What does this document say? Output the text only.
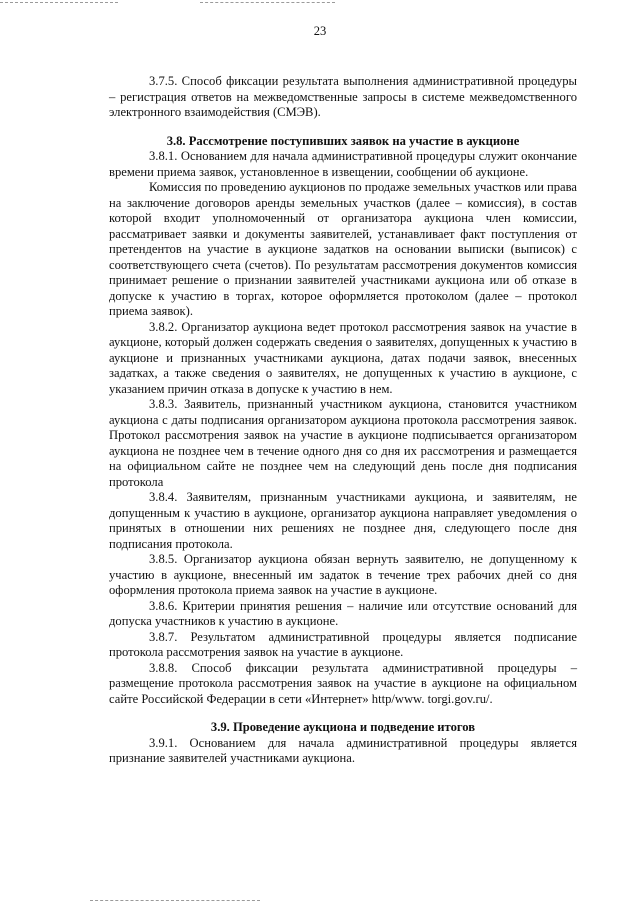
23

3.7.5. Способ фиксации результата выполнения административной процедуры – регистрация ответов на межведомственные запросы в системе межведомственного электронного взаимодействия (СМЭВ).

3.8. Рассмотрение поступивших заявок на участие в аукционе

3.8.1. Основанием для начала административной процедуры служит окончание времени приема заявок, установленное в извещении, сообщении об аукционе.

Комиссия по проведению аукционов по продаже земельных участков или права на заключение договоров аренды земельных участков (далее – комиссия), в состав которой входит уполномоченный от организатора аукциона член комиссии, рассматривает заявки и документы заявителей, устанавливает факт поступления от претендентов на участие в аукционе задатков на основании выписки (выписок) с соответствующего счета (счетов). По результатам рассмотрения документов комиссия принимает решение о признании заявителей участниками аукциона или об отказе в допуске к участию в торгах, которое оформляется протоколом (далее – протокол приема заявок).

3.8.2. Организатор аукциона ведет протокол рассмотрения заявок на участие в аукционе, который должен содержать сведения о заявителях, допущенных к участию в аукционе и признанных участниками аукциона, датах подачи заявок, внесенных задатках, а также сведения о заявителях, не допущенных к участию в аукционе, с указанием причин отказа в допуске к участию в нем.

3.8.3. Заявитель, признанный участником аукциона, становится участником аукциона с даты подписания организатором аукциона протокола рассмотрения заявок. Протокол рассмотрения заявок на участие в аукционе подписывается организатором аукциона не позднее чем в течение одного дня со дня их рассмотрения и размещается на официальном сайте не позднее чем на следующий день после дня подписания протокола

3.8.4. Заявителям, признанным участниками аукциона, и заявителям, не допущенным к участию в аукционе, организатор аукциона направляет уведомления о принятых в отношении них решениях не позднее дня, следующего после дня подписания протокола.

3.8.5. Организатор аукциона обязан вернуть заявителю, не допущенному к участию в аукционе, внесенный им задаток в течение трех рабочих дней со дня оформления протокола приема заявок на участие в аукционе.

3.8.6. Критерии принятия решения – наличие или отсутствие оснований для допуска участников к участию в аукционе.

3.8.7. Результатом административной процедуры является подписание протокола рассмотрения заявок на участие в аукционе.

3.8.8. Способ фиксации результата административной процедуры – размещение протокола рассмотрения заявок на участие в аукционе на официальном сайте Российской Федерации в сети «Интернет» http/www. torgi.gov.ru/.

3.9. Проведение аукциона и подведение итогов

3.9.1. Основанием для начала административной процедуры является признание заявителей участниками аукциона.
